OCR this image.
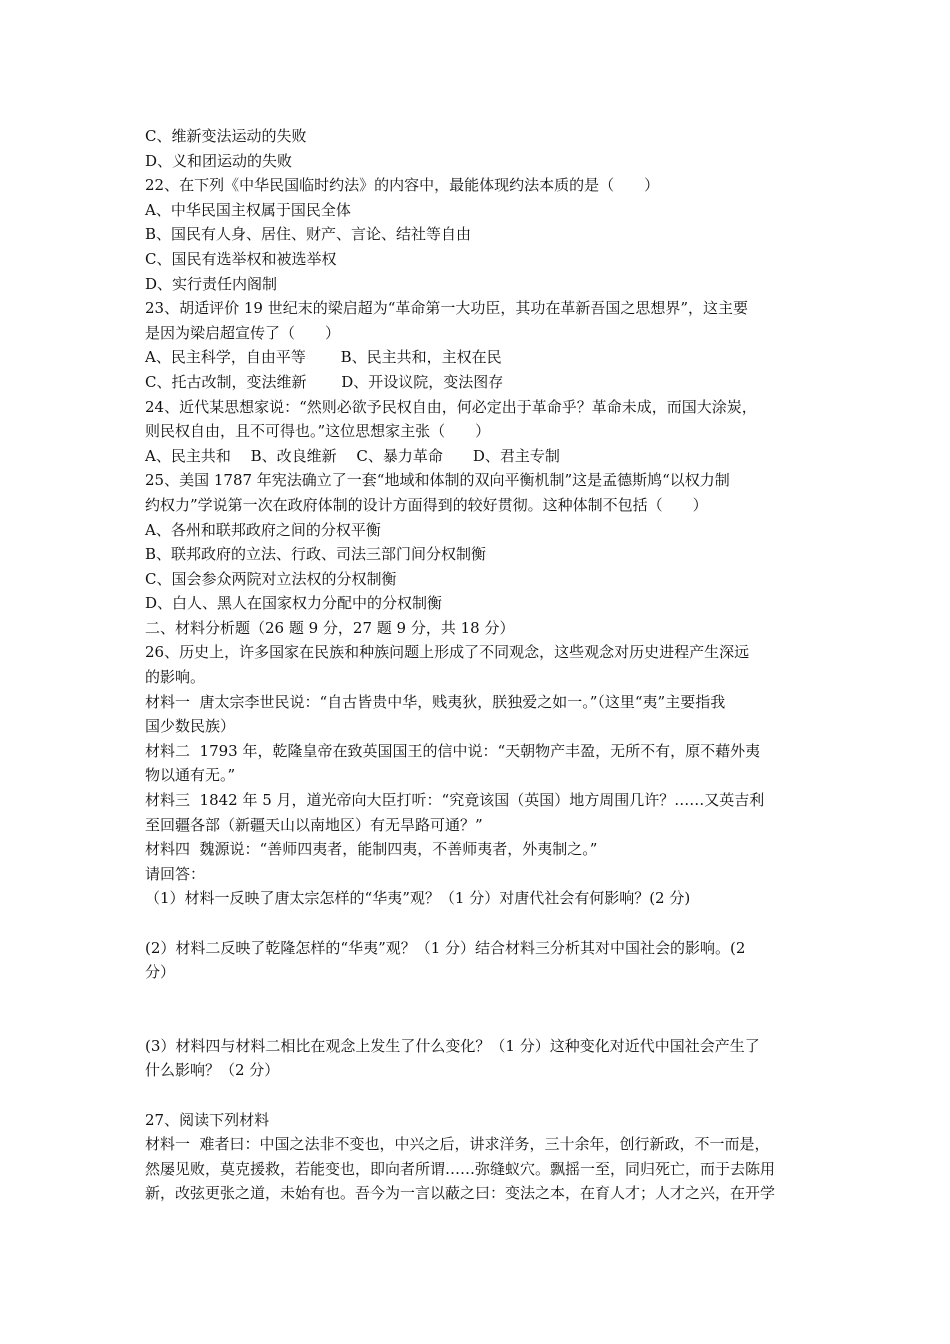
C、维新变法运动的失败
D、义和团运动的失败
22、在下列《中华民国临时约法》的内容中，最能体现约法本质的是（　　）
A、中华民国主权属于国民全体
B、国民有人身、居住、财产、言论、结社等自由
C、国民有选举权和被选举权
D、实行责任内阁制
23、胡适评价 19 世纪末的梁启超为“革命第一大功臣，其功在革新吾国之思想界”，这主要
是因为梁启超宣传了（　　）
A、民主科学，自由平等　　 B、民主共和，主权在民
C、托古改制，变法维新　　 D、开设议院，变法图存
24、近代某思想家说：“然则必欲予民权自由，何必定出于革命乎？革命未成，而国大涂炭，
则民权自由，且不可得也。”这位思想家主张（　　）
A、民主共和　 B、改良维新　 C、暴力革命　　D、君主专制
25、美国 1787 年宪法确立了一套“地域和体制的双向平衡机制”这是孟德斯鸠“以权力制
约权力”学说第一次在政府体制的设计方面得到的较好贯彻。这种体制不包括（　　）
A、各州和联邦政府之间的分权平衡
B、联邦政府的立法、行政、司法三部门间分权制衡
C、国会参众两院对立法权的分权制衡
D、白人、黑人在国家权力分配中的分权制衡
二、材料分析题（26 题 9 分，27 题 9 分，共 18 分）
26、历史上，许多国家在民族和种族问题上形成了不同观念，这些观念对历史进程产生深远
的影响。
材料一  唐太宗李世民说：“自古皆贵中华，贱夷狄，朕独爱之如一。”（这里“夷”主要指我
国少数民族）
材料二  1793 年，乾隆皇帝在致英国国王的信中说：“天朝物产丰盈，无所不有，原不藉外夷
物以通有无。”
材料三  1842 年 5 月，道光帝向大臣打听：“究竟该国（英国）地方周围几许？……又英吉利
至回疆各部（新疆天山以南地区）有无旱路可通？”
材料四  魏源说：“善师四夷者，能制四夷，不善师夷者，外夷制之。”
请回答：
（1）材料一反映了唐太宗怎样的“华夷”观？（1 分）对唐代社会有何影响？(2 分)
(2）材料二反映了乾隆怎样的“华夷”观？（1 分）结合材料三分析其对中国社会的影响。(2
分）
(3）材料四与材料二相比在观念上发生了什么变化？（1 分）这种变化对近代中国社会产生了
什么影响？（2 分）
27、阅读下列材料
材料一  难者曰：中国之法非不变也，中兴之后，讲求洋务，三十余年，创行新政，不一而是，
然屡见败，莫克援救，若能变也，即向者所谓……弥缝蚁穴。飘摇一至，同归死亡，而于去陈用
新，改弦更张之道，未始有也。吾今为一言以蔽之曰：变法之本，在育人才；人才之兴，在开学
